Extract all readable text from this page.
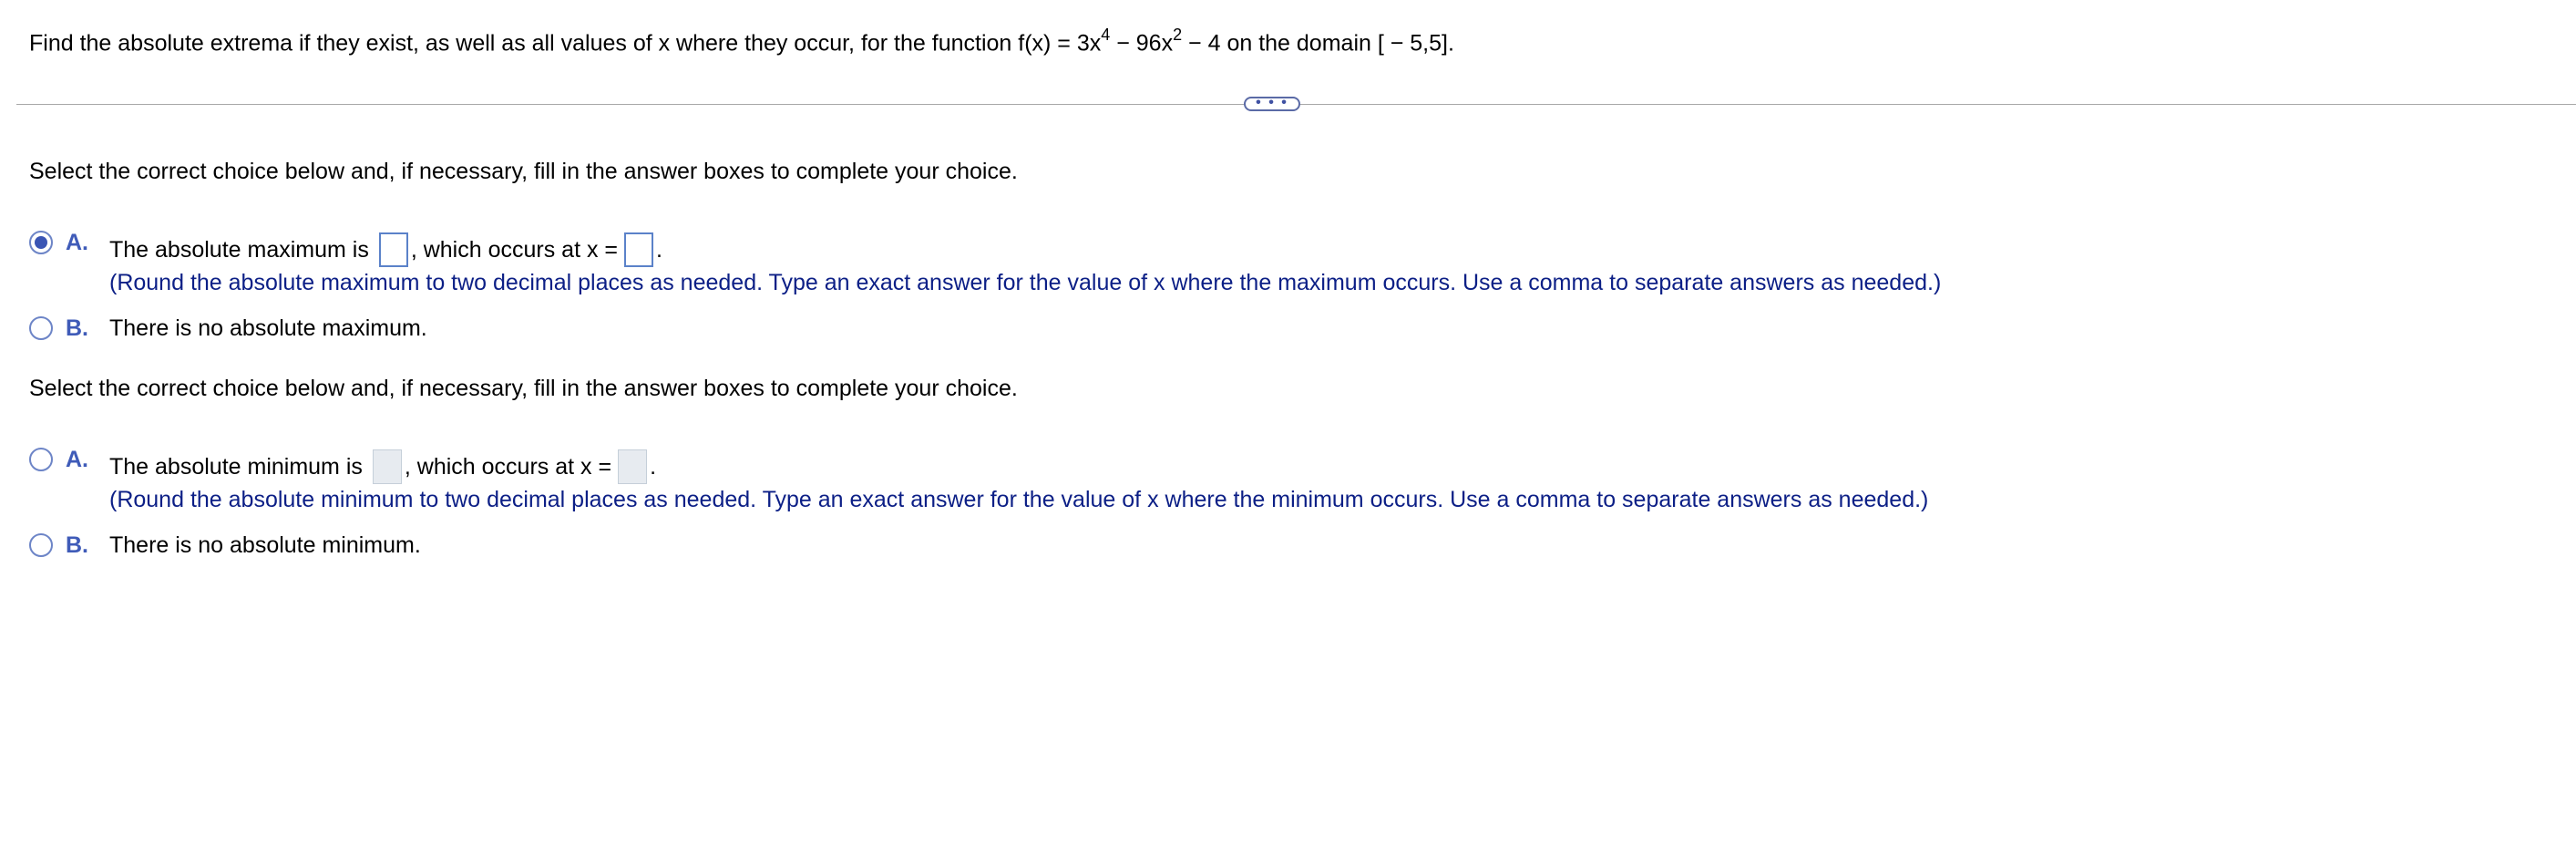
Find the absolute extrema if they exist, as well as all values of x where they occur, for the function $f(x) = 3x^4 - 96x^2 - 4$ on the domain [ − 5,5].
• • •
Select the correct choice below and, if necessary, fill in the answer boxes to complete your choice.
A. The absolute maximum is , which occurs at x = .
(Round the absolute maximum to two decimal places as needed. Type an exact answer for the value of x where the maximum occurs. Use a comma to separate answers as needed.)
B. There is no absolute maximum.
Select the correct choice below and, if necessary, fill in the answer boxes to complete your choice.
A. The absolute minimum is , which occurs at x = .
(Round the absolute minimum to two decimal places as needed. Type an exact answer for the value of x where the minimum occurs. Use a comma to separate answers as needed.)
B. There is no absolute minimum.
